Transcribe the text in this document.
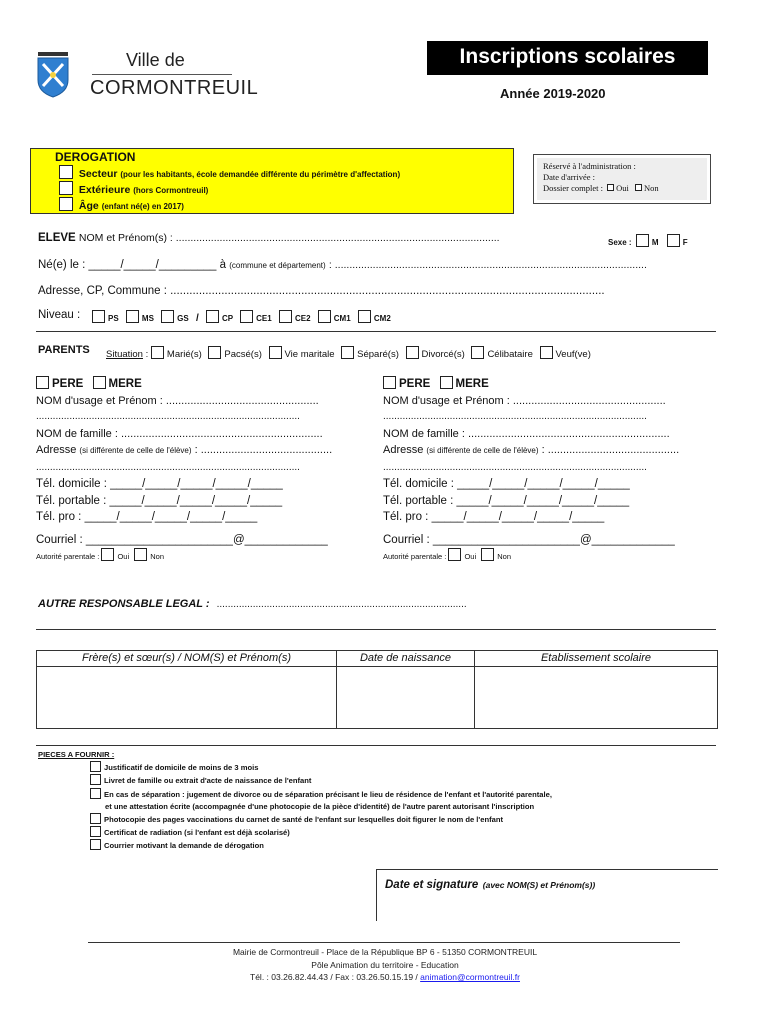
Ville de
CORMONTREUIL
Inscriptions scolaires
Année 2019-2020
DEROGATION
Secteur (pour les habitants, école demandée différente du périmètre d'affectation)
Extérieure (hors Cormontreuil)
Âge (enfant né(e) en 2017)
Réservé à l'administration :
Date d'arrivée :
Dossier complet : Oui Non
ELEVE NOM et Prénom(s) : ...............................................................................................................	Sexe :	M	F
Né(e) le : _____/_____/_________ à (commune et département) : ...........................................................................................................
Adresse, CP, Commune : ........................................................................................................................................
Niveau :	PS	MS	GS /	CP	CE1	CE2	CM1	CM2
PARENTS Situation : Marié(s) Pacsé(s) Vie maritale Séparé(s) Divorcé(s) Célibataire Veuf(ve)
PERE MERE
NOM d'usage et Prénom : ..................................................
...............................................................................................
NOM de famille : ..................................................................
Adresse (si différente de celle de l'élève) : ...........................................
...............................................................................................
Tél. domicile : _____/_____/_____/_____/_____
Tél. portable : _____/_____/_____/_____/_____
Tél. pro : _____/_____/_____/_____/_____
Courriel : _______________________@_____________
Autorité parentale : Oui	Non
PERE MERE
NOM d'usage et Prénom : ..................................................
...............................................................................................
NOM de famille : ..................................................................
Adresse (si différente de celle de l'élève) : ...........................................
...............................................................................................
Tél. domicile : _____/_____/_____/_____/_____
Tél. portable : _____/_____/_____/_____/_____
Tél. pro : _____/_____/_____/_____/_____
Courriel : _______________________@_____________
Autorité parentale : Oui	Non
AUTRE RESPONSABLE LEGAL : ..........................................................................................
Frère(s) et sœur(s) / NOM(S) et Prénom(s)	Date de naissance	Etablissement scolaire
PIECES A FOURNIR :
Justificatif de domicile de moins de 3 mois
Livret de famille ou extrait d'acte de naissance de l'enfant
En cas de séparation : jugement de divorce ou de séparation précisant le lieu de résidence de l'enfant et l'autorité parentale,
et une attestation écrite (accompagnée d'une photocopie de la pièce d'identité) de l'autre parent autorisant l'inscription
Photocopie des pages vaccinations du carnet de santé de l'enfant sur lesquelles doit figurer le nom de l'enfant
Certificat de radiation (si l'enfant est déjà scolarisé)
Courrier motivant la demande de dérogation
Date et signature (avec NOM(S) et Prénom(s))
Mairie de Cormontreuil - Place de la République BP 6 - 51350 CORMONTREUIL
Pôle Animation du territoire - Education
Tél. : 03.26.82.44.43 / Fax : 03.26.50.15.19 / animation@cormontreuil.fr
